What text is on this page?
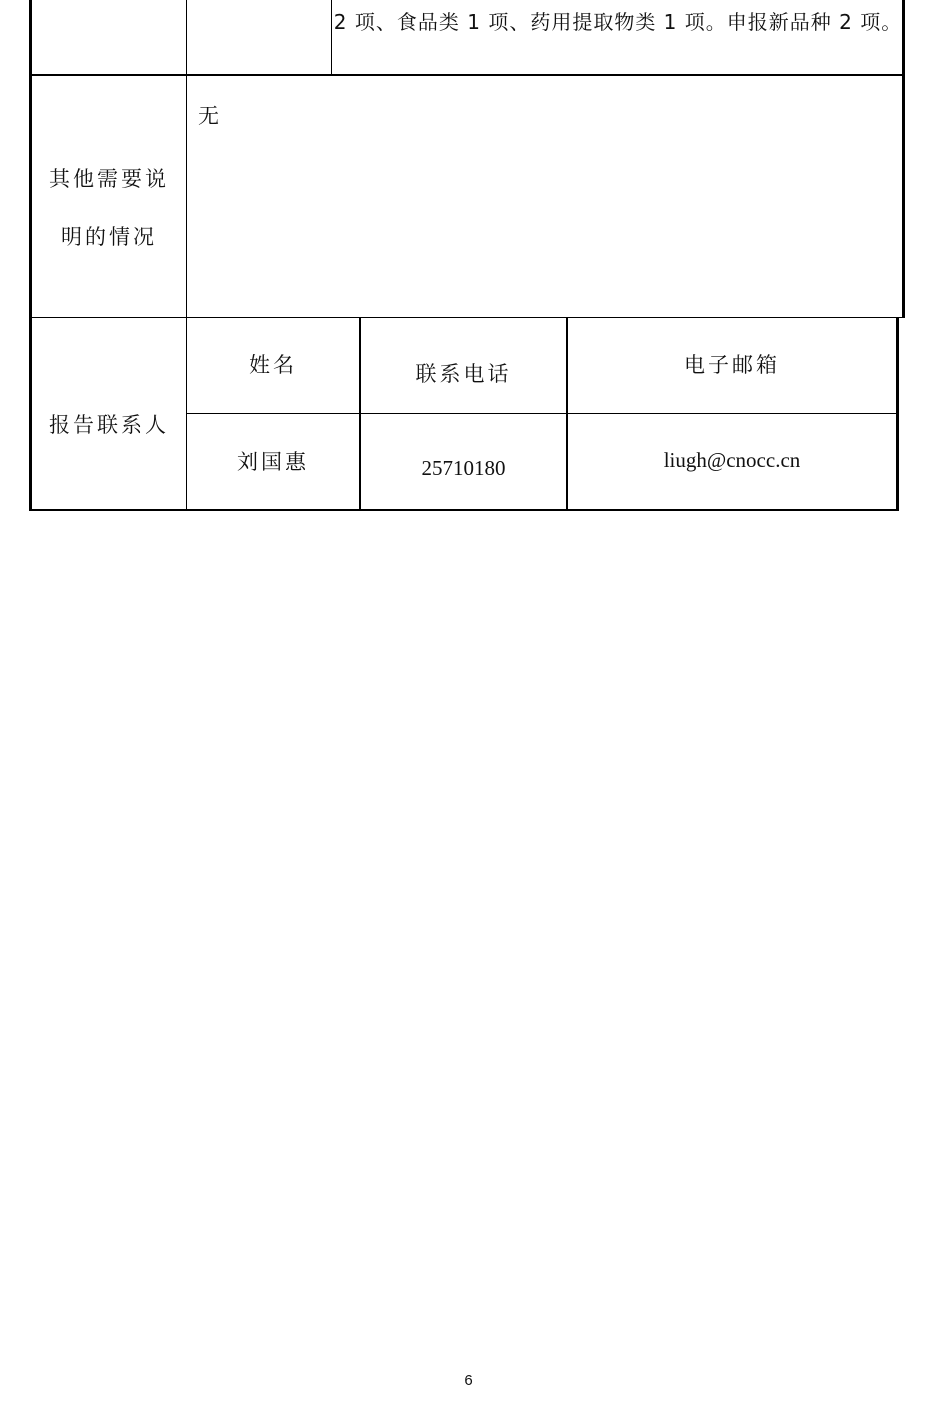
2 项、食品类 1 项、药用提取物类 1 项。申报新品种 2 项。
其他需要说
明的情况
无
报告联系人
姓名	联系电话	电子邮箱
刘国惠	25710180	liugh@cnocc.cn
6
